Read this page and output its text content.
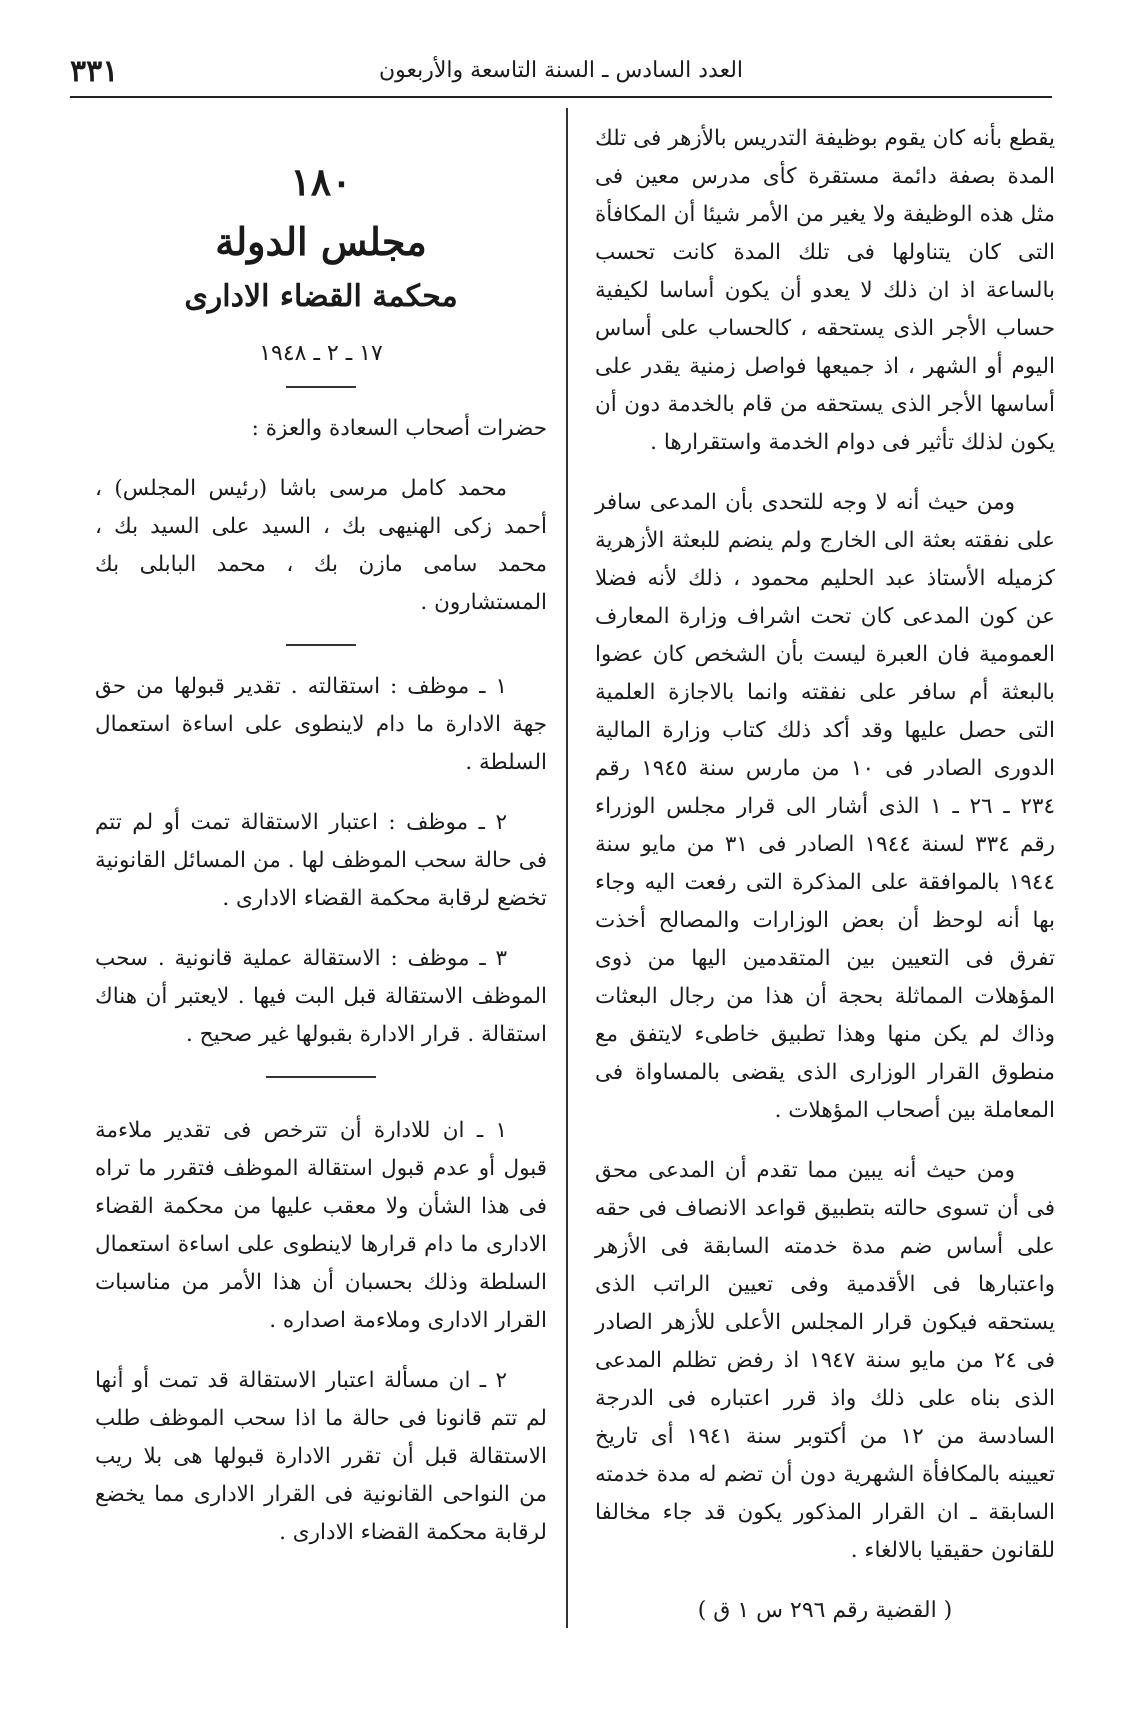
العدد السادس ـ السنة التاسعة والأربعون
٣٣١

يقطع بأنه كان يقوم بوظيفة التدريس بالأزهر فى تلك المدة بصفة دائمة مستقرة كأى مدرس معين فى مثل هذه الوظيفة ولا يغير من الأمر شيئا أن المكافأة التى كان يتناولها فى تلك المدة كانت تحسب بالساعة اذ ان ذلك لا يعدو أن يكون أساسا لكيفية حساب الأجر الذى يستحقه ، كالحساب على أساس اليوم أو الشهر ، اذ جميعها فواصل زمنية يقدر على أساسها الأجر الذى يستحقه من قام بالخدمة دون أن يكون لذلك تأثير فى دوام الخدمة واستقرارها .

ومن حيث أنه لا وجه للتحدى بأن المدعى سافر على نفقته بعثة الى الخارج ولم ينضم للبعثة الأزهرية كزميله الأستاذ عبد الحليم محمود ، ذلك لأنه فضلا عن كون المدعى كان تحت اشراف وزارة المعارف العمومية فان العبرة ليست بأن الشخص كان عضوا بالبعثة أم سافر على نفقته وانما بالاجازة العلمية التى حصل عليها وقد أكد ذلك كتاب وزارة المالية الدورى الصادر فى ١٠ من مارس سنة ١٩٤٥ رقم ٢٣٤ ـ ٢٦ ـ ١ الذى أشار الى قرار مجلس الوزراء رقم ٣٣٤ لسنة ١٩٤٤ الصادر فى ٣١ من مايو سنة ١٩٤٤ بالموافقة على المذكرة التى رفعت اليه وجاء بها أنه لوحظ أن بعض الوزارات والمصالح أخذت تفرق فى التعيين بين المتقدمين اليها من ذوى المؤهلات المماثلة بحجة أن هذا من رجال البعثات وذاك لم يكن منها وهذا تطبيق خاطىء لايتفق مع منطوق القرار الوزارى الذى يقضى بالمساواة فى المعاملة بين أصحاب المؤهلات .

ومن حيث أنه يبين مما تقدم أن المدعى محق فى أن تسوى حالته بتطبيق قواعد الانصاف فى حقه على أساس ضم مدة خدمته السابقة فى الأزهر واعتبارها فى الأقدمية وفى تعيين الراتب الذى يستحقه فيكون قرار المجلس الأعلى للأزهر الصادر فى ٢٤ من مايو سنة ١٩٤٧ اذ رفض تظلم المدعى الذى بناه على ذلك واذ قرر اعتباره فى الدرجة السادسة من ١٢ من أكتوبر سنة ١٩٤١ أى تاريخ تعيينه بالمكافأة الشهرية دون أن تضم له مدة خدمته السابقة ـ ان القرار المذكور يكون قد جاء مخالفا للقانون حقيقيا بالالغاء .

( القضية رقم ٢٩٦ س ١ ق )
١٨٠
مجلس الدولة
محكمة القضاء الادارى
١٧ ـ ٢ ـ ١٩٤٨

حضرات أصحاب السعادة والعزة :

محمد كامل مرسى باشا (رئيس المجلس) ، أحمد زكى الهنيهى بك ، السيد على السيد بك ، محمد سامى مازن بك ، محمد البابلى بك المستشارون .

١ ـ موظف : استقالته . تقدير قبولها من حق جهة الادارة ما دام لاينطوى على اساءة استعمال السلطة .

٢ ـ موظف : اعتبار الاستقالة تمت أو لم تتم فى حالة سحب الموظف لها . من المسائل القانونية تخضع لرقابة محكمة القضاء الادارى .

٣ ـ موظف : الاستقالة عملية قانونية . سحب الموظف الاستقالة قبل البت فيها . لايعتبر أن هناك استقالة . قرار الادارة بقبولها غير صحيح .

١ ـ ان للادارة أن تترخص فى تقدير ملاءمة قبول أو عدم قبول استقالة الموظف فتقرر ما تراه فى هذا الشأن ولا معقب عليها من محكمة القضاء الادارى ما دام قرارها لاينطوى على اساءة استعمال السلطة وذلك بحسبان أن هذا الأمر من مناسبات القرار الادارى وملاءمة اصداره .

٢ ـ ان مسألة اعتبار الاستقالة قد تمت أو أنها لم تتم قانونا فى حالة ما اذا سحب الموظف طلب الاستقالة قبل أن تقرر الادارة قبولها هى بلا ريب من النواحى القانونية فى القرار الادارى مما يخضع لرقابة محكمة القضاء الادارى .
